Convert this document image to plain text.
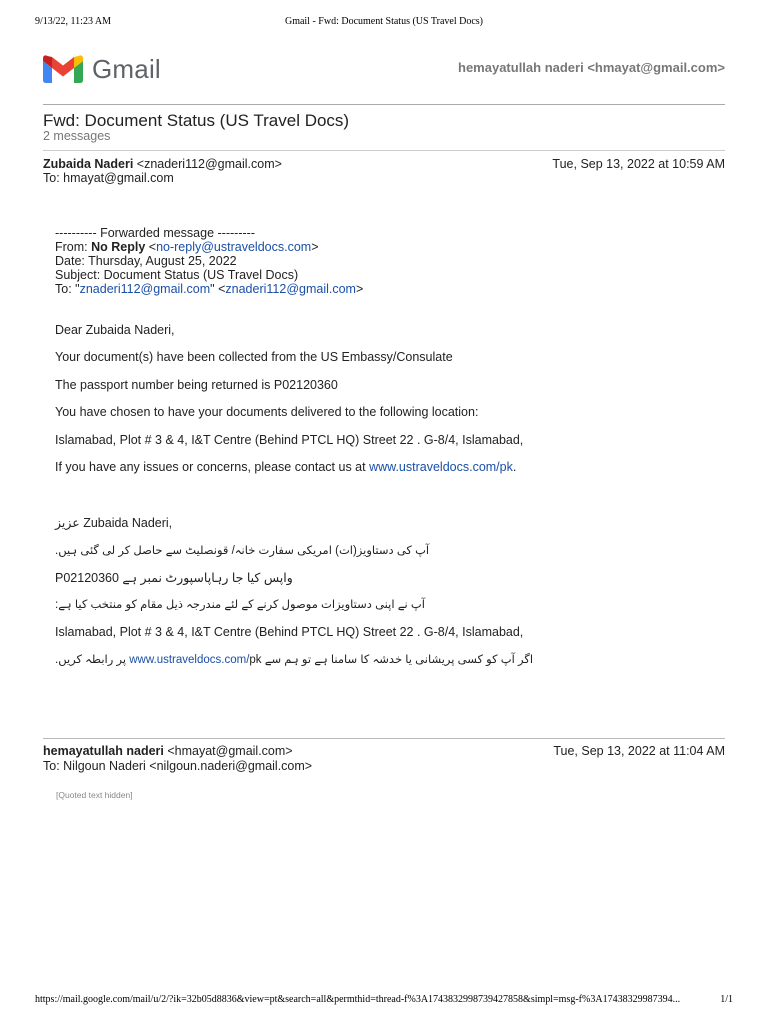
9/13/22, 11:23 AM	Gmail - Fwd: Document Status (US Travel Docs)
Gmail	hemayatullah naderi <hmayat@gmail.com>
Fwd: Document Status (US Travel Docs)
2 messages
Zubaida Naderi <znaderi112@gmail.com>	Tue, Sep 13, 2022 at 10:59 AM
To: hmayat@gmail.com
---------- Forwarded message ---------
From: No Reply <no-reply@ustraveldocs.com>
Date: Thursday, August 25, 2022
Subject: Document Status (US Travel Docs)
To: "znaderi112@gmail.com" <znaderi112@gmail.com>
Dear Zubaida Naderi,
Your document(s) have been collected from the US Embassy/Consulate
The passport number being returned is P02120360
You have chosen to have your documents delivered to the following location:
Islamabad, Plot # 3 & 4, I&T Centre (Behind PTCL HQ) Street 22 . G-8/4, Islamabad,
If you have any issues or concerns, please contact us at www.ustraveldocs.com/pk.
عزیز Zubaida Naderi,
آپ کی دستاویز(ات) امریکی سفارت خانہ/ قونصلیٹ سے حاصل کر لی گئی ہیں.
واپس کیا جا رہاپاسپورٹ نمبر ہے P02120360
آپ نے اپنی دستاویزات موصول کرنے کے لئے مندرجہ ذیل مقام کو منتخب کیا ہے:
Islamabad, Plot # 3 & 4, I&T Centre (Behind PTCL HQ) Street 22 . G-8/4, Islamabad,
اگر آپ کو کسی پریشانی یا خدشہ کا سامنا ہے تو ہم سے www.ustraveldocs.com/pk پر رابطہ کریں.
hemayatullah naderi <hmayat@gmail.com>	Tue, Sep 13, 2022 at 11:04 AM
To: Nilgoun Naderi <nilgoun.naderi@gmail.com>
[Quoted text hidden]
https://mail.google.com/mail/u/2/?ik=32b05d8836&view=pt&search=all&permthid=thread-f%3A1743832998739427858&simpl=msg-f%3A17438329987394...	1/1
